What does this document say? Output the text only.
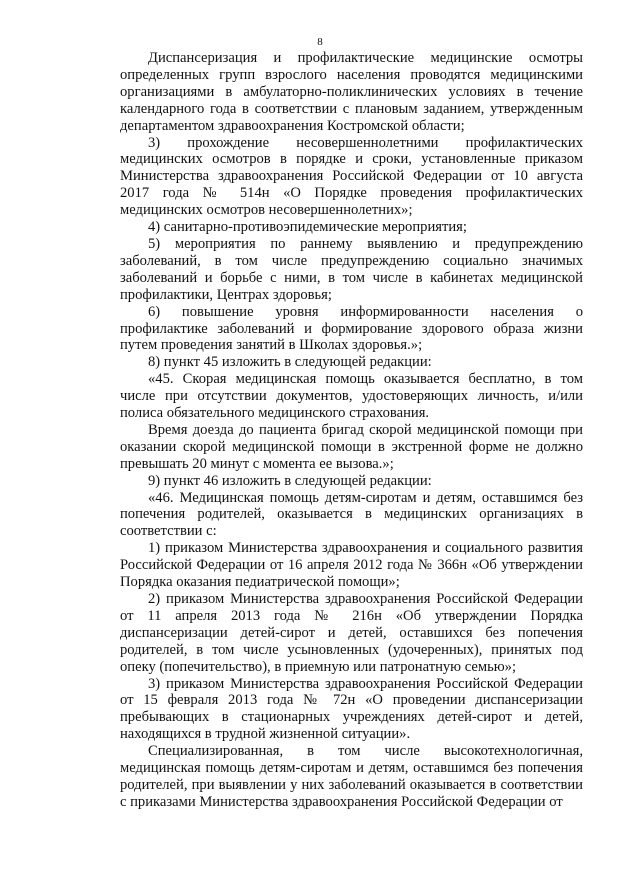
8

Диспансеризация и профилактические медицинские осмотры определенных групп взрослого населения проводятся медицинскими организациями в амбулаторно-поликлинических условиях в течение календарного года в соответствии с плановым заданием, утвержденным департаментом здравоохранения Костромской области;

3) прохождение несовершеннолетними профилактических медицинских осмотров в порядке и сроки, установленные приказом Министерства здравоохранения Российской Федерации от 10 августа 2017 года № 514н «О Порядке проведения профилактических медицинских осмотров несовершеннолетних»;

4) санитарно-противоэпидемические мероприятия;

5) мероприятия по раннему выявлению и предупреждению заболеваний, в том числе предупреждению социально значимых заболеваний и борьбе с ними, в том числе в кабинетах медицинской профилактики, Центрах здоровья;

6) повышение уровня информированности населения о профилактике заболеваний и формирование здорового образа жизни путем проведения занятий в Школах здоровья.»;

8) пункт 45 изложить в следующей редакции:

«45. Скорая медицинская помощь оказывается бесплатно, в том числе при отсутствии документов, удостоверяющих личность, и/или полиса обязательного медицинского страхования.

Время доезда до пациента бригад скорой медицинской помощи при оказании скорой медицинской помощи в экстренной форме не должно превышать 20 минут с момента ее вызова.»;

9) пункт 46 изложить в следующей редакции:

«46. Медицинская помощь детям-сиротам и детям, оставшимся без попечения родителей, оказывается в медицинских организациях в соответствии с:

1) приказом Министерства здравоохранения и социального развития Российской Федерации от 16 апреля 2012 года № 366н «Об утверждении Порядка оказания педиатрической помощи»;

2) приказом Министерства здравоохранения Российской Федерации от 11 апреля 2013 года № 216н «Об утверждении Порядка диспансеризации детей-сирот и детей, оставшихся без попечения родителей, в том числе усыновленных (удочеренных), принятых под опеку (попечительство), в приемную или патронатную семью»;

3) приказом Министерства здравоохранения Российской Федерации от 15 февраля 2013 года № 72н «О проведении диспансеризации пребывающих в стационарных учреждениях детей-сирот и детей, находящихся в трудной жизненной ситуации».

Специализированная, в том числе высокотехнологичная, медицинская помощь детям-сиротам и детям, оставшимся без попечения родителей, при выявлении у них заболеваний оказывается в соответствии с приказами Министерства здравоохранения Российской Федерации от
